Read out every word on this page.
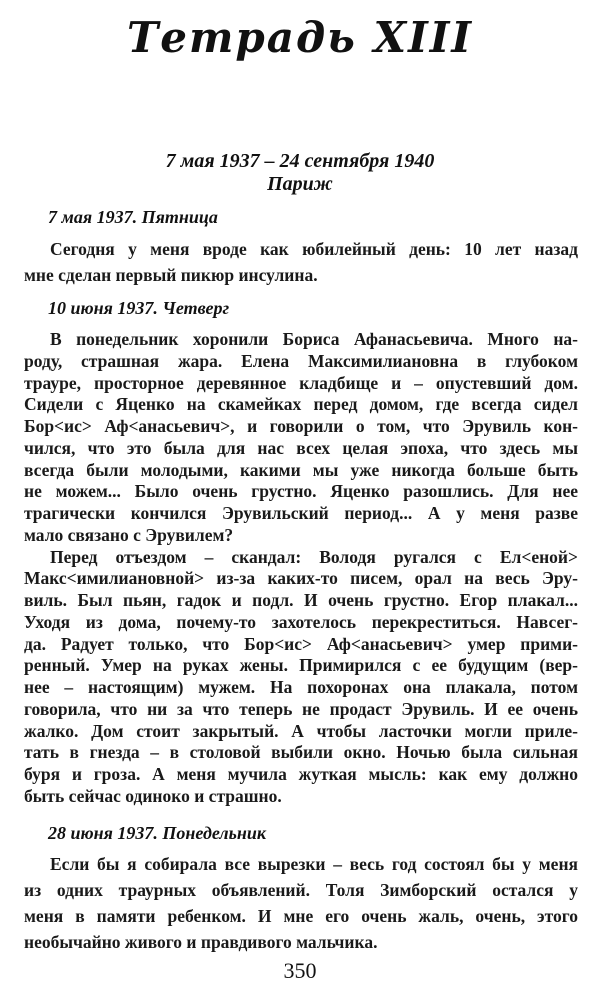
Тетрадь XIII
7 мая 1937 – 24 сентября 1940
Париж
7 мая 1937. Пятница
Сегодня у меня вроде как юбилейный день: 10 лет назад
мне сделан первый пикюр инсулина.
10 июня 1937. Четверг
В понедельник хоронили Бориса Афанасьевича. Много на-
роду, страшная жара. Елена Максимилиановна в глубоком
трауре, просторное деревянное кладбище и – опустевший дом.
Сидели с Яценко на скамейках перед домом, где всегда сидел
Бор<ис> Аф<анасьевич>, и говорили о том, что Эрувиль кон-
чился, что это была для нас всех целая эпоха, что здесь мы
всегда были молодыми, какими мы уже никогда больше быть
не можем... Было очень грустно. Яценко разошлись. Для нее
трагически кончился Эрувильский период... А у меня разве
мало связано с Эрувилем?
Перед отъездом – скандал: Володя ругался с Ел<еной>
Макс<имилиановной> из-за каких-то писем, орал на весь Эру-
виль. Был пьян, гадок и подл. И очень грустно. Егор плакал...
Уходя из дома, почему-то захотелось перекреститься. Навсег-
да. Радует только, что Бор<ис> Аф<анасьевич> умер прими-
ренный. Умер на руках жены. Примирился с ее будущим (вер-
нее – настоящим) мужем. На похоронах она плакала, потом
говорила, что ни за что теперь не продаст Эрувиль. И ее очень
жалко. Дом стоит закрытый. А чтобы ласточки могли приле-
тать в гнезда – в столовой выбили окно. Ночью была сильная
буря и гроза. А меня мучила жуткая мысль: как ему должно
быть сейчас одиноко и страшно.
28 июня 1937. Понедельник
Если бы я собирала все вырезки – весь год состоял бы у меня
из одних траурных объявлений. Толя Зимборский остался у
меня в памяти ребенком. И мне его очень жаль, очень, этого
необычайно живого и правдивого мальчика.
350
